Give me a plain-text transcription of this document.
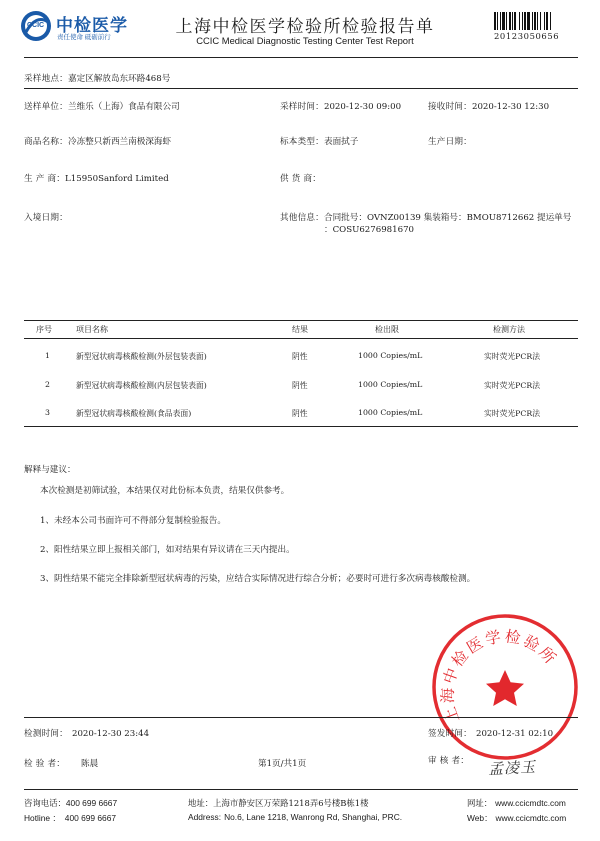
CCIC 中检医学
责任使命 砥砺前行
上海中检医学检验所检验报告单
CCIC Medical Diagnostic Testing Center Test Report	20123050656
采样地点：嘉定区解放岛东环路468号
送样单位：兰维乐（上海）食品有限公司	采样时间：2020-12-30 09:00	接收时间：2020-12-30 12:30
商品名称：冷冻整只新西兰南极深海虾	标本类型：表面拭子	生产日期：
生 产 商：L15950Sanford Limited	供 货 商：
入境日期：	其他信息：合同批号：OVNZ00139 集装箱号：BMOU8712662 提运单号
：COSU6276981670
序号	项目名称	结果	检出限	检测方法
1	新型冠状病毒核酸检测(外层包装表面)	阴性	1000 Copies/mL	实时荧光PCR法
2	新型冠状病毒核酸检测(内层包装表面)	阴性	1000 Copies/mL	实时荧光PCR法
3	新型冠状病毒核酸检测(食品表面)	阴性	1000 Copies/mL	实时荧光PCR法
解释与建议：
本次检测是初筛试验，本结果仅对此份标本负责，结果仅供参考。
1、未经本公司书面许可不得部分复制检验报告。
2、阳性结果立即上报相关部门，如对结果有异议请在三天内提出。
3、阴性结果不能完全排除新型冠状病毒的污染，应结合实际情况进行综合分析；必要时可进行多次病毒核酸检测。
上海中检医学检验所
检测时间： 2020-12-30 23:44	签发时间： 2020-12-31 02:10
检 验 者： 陈晨	第1页/共1页	审 核 者： 孟凌玉
咨询电话：400 699 6667
Hotline ： 400 699 6667
地址：上海市静安区万荣路1218弄6号楼B栋1楼
Address: No.6, Lane 1218, Wanrong Rd, Shanghai, PRC.
网址： www.ccicmdtc.com
Web： www.ccicmdtc.com
